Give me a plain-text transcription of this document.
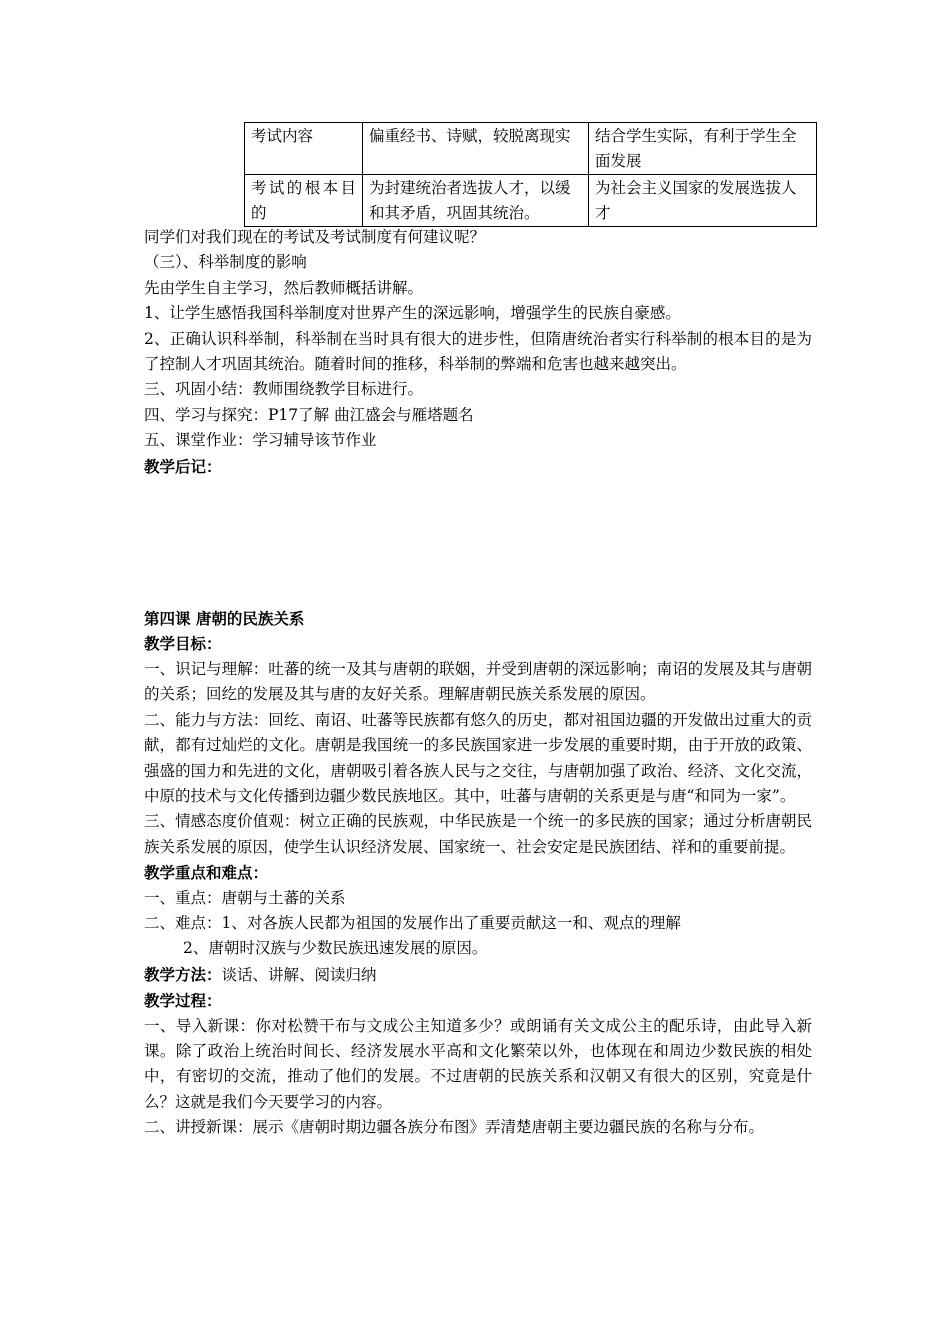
考试内容	偏重经书、诗赋，较脱离现实	结合学生实际，有利于学生全面发展
考试的根本目的	为封建统治者选拔人才，以缓和其矛盾，巩固其统治。	为社会主义国家的发展选拔人才

同学们对我们现在的考试及考试制度有何建议呢？

（三）、科举制度的影响

先由学生自主学习，然后教师概括讲解。

1、让学生感悟我国科举制度对世界产生的深远影响，增强学生的民族自豪感。

2、正确认识科举制，科举制在当时具有很大的进步性，但隋唐统治者实行科举制的根本目的是为了控制人才巩固其统治。随着时间的推移，科举制的弊端和危害也越来越突出。

三、巩固小结：教师围绕教学目标进行。

四、学习与探究：P17了解 曲江盛会与雁塔题名

五、课堂作业：学习辅导该节作业

教学后记：

第四课 唐朝的民族关系

教学目标：

一、识记与理解：吐蕃的统一及其与唐朝的联姻，并受到唐朝的深远影响；南诏的发展及其与唐朝的关系；回纥的发展及其与唐的友好关系。理解唐朝民族关系发展的原因。

二、能力与方法：回纥、南诏、吐蕃等民族都有悠久的历史，都对祖国边疆的开发做出过重大的贡献，都有过灿烂的文化。唐朝是我国统一的多民族国家进一步发展的重要时期，由于开放的政策、强盛的国力和先进的文化，唐朝吸引着各族人民与之交往，与唐朝加强了政治、经济、文化交流，中原的技术与文化传播到边疆少数民族地区。其中，吐蕃与唐朝的关系更是与唐“和同为一家”。

三、情感态度价值观：树立正确的民族观，中华民族是一个统一的多民族的国家；通过分析唐朝民族关系发展的原因，使学生认识经济发展、国家统一、社会安定是民族团结、祥和的重要前提。

教学重点和难点：

一、重点：唐朝与土蕃的关系

二、难点：1、对各族人民都为祖国的发展作出了重要贡献这一和、观点的理解

2、唐朝时汉族与少数民族迅速发展的原因。

教学方法：谈话、讲解、阅读归纳

教学过程：

一、导入新课：你对松赞干布与文成公主知道多少？或朗诵有关文成公主的配乐诗，由此导入新课。除了政治上统治时间长、经济发展水平高和文化繁荣以外，也体现在和周边少数民族的相处中，有密切的交流，推动了他们的发展。不过唐朝的民族关系和汉朝又有很大的区别，究竟是什么？这就是我们今天要学习的内容。

二、讲授新课：展示《唐朝时期边疆各族分布图》弄清楚唐朝主要边疆民族的名称与分布。
